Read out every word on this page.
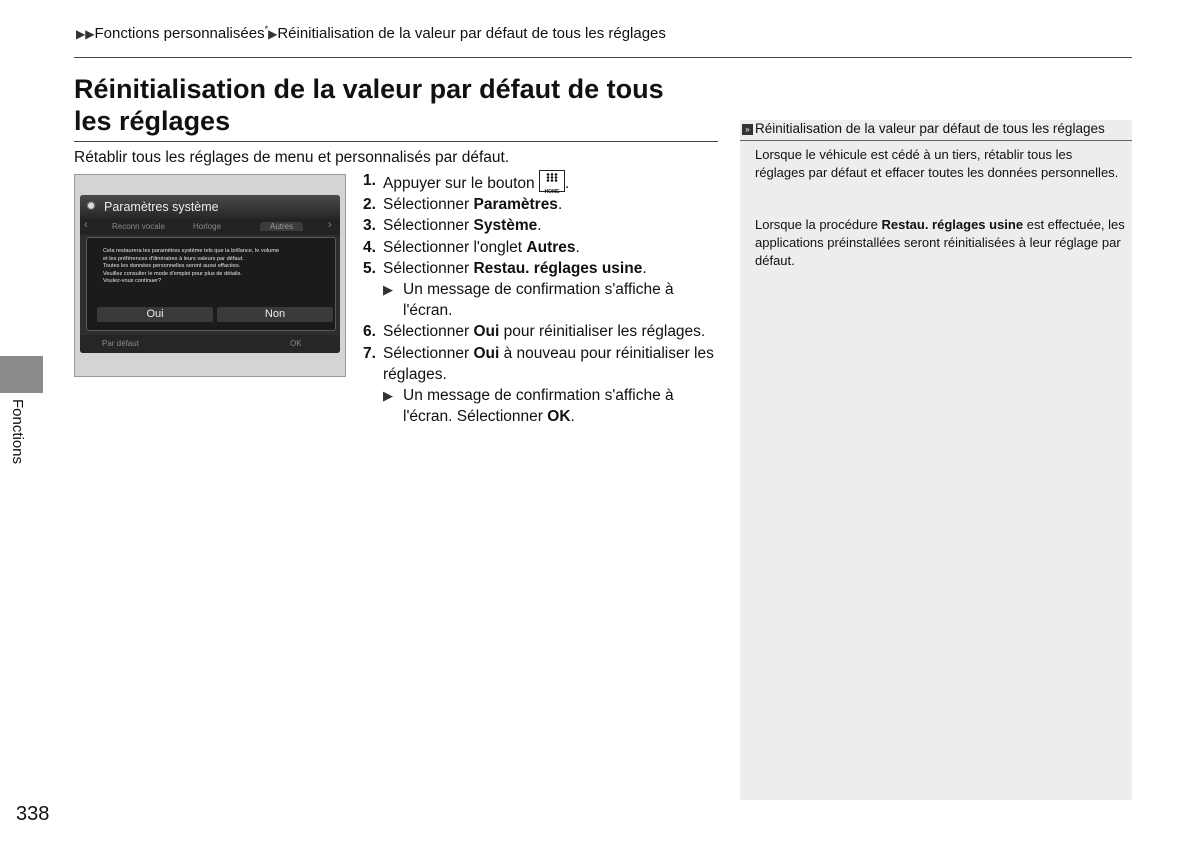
▶▶Fonctions personnalisées*▶Réinitialisation de la valeur par défaut de tous les réglages
Réinitialisation de la valeur par défaut de tous
les réglages
Rétablir tous les réglages de menu et personnalisés par défaut.
✹ Paramètres système
‹	Reconn vocale	Horloge	Autres	›
Cela restaurera les paramètres système tels que la brillance, le volume
et les préférences d'itinéraires à leurs valeurs par défaut.
Toutes les données personnelles seront aussi effacées.
Veuillez consulter le mode d'emploi pour plus de détails.
Voulez-vous continuer?
Oui	Non
Par défaut	OK
1. Appuyer sur le bouton	HOME .
2. Sélectionner Paramètres.
3. Sélectionner Système.
4. Sélectionner l'onglet Autres.
5. Sélectionner Restau. réglages usine.
▶ Un message de confirmation s'affiche à l'écran.
6. Sélectionner Oui pour réinitialiser les réglages.
7. Sélectionner Oui à nouveau pour réinitialiser les réglages.
▶ Un message de confirmation s'affiche à l'écran. Sélectionner OK.
» Réinitialisation de la valeur par défaut de tous les réglages
Lorsque le véhicule est cédé à un tiers, rétablir tous les réglages par défaut et effacer toutes les données personnelles.
Lorsque la procédure Restau. réglages usine est effectuée, les applications préinstallées seront réinitialisées à leur réglage par défaut.
Fonctions
338
